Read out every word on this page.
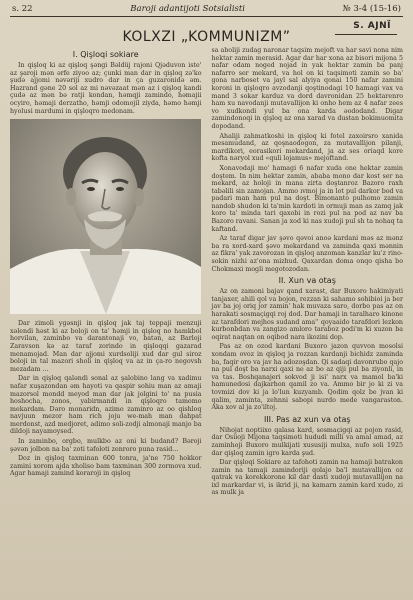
s. 22	Barоji adantijoti Sotsialisti	№ 3-4 (15-16)
S. AJNÏ
KOLXZI „KOMMUNIZM”
I. Qişloqi sokiare

In qişloq ki az qişloq şəngi Bəldüj rajoni Qjəduvon iste' az şaroji mən ərfe ziyoo az; çunki man dar in qişloq zə'ko şudə ajjomi nəvəriji xudro dar in ça guzaronidə əm. Hazrand gəne 20 sol az mi nəvəzaat mən az i qişloq kandi çudə az mən bə ratji kondan, həmqji zamindo, həmajii ocyiro, həmaji derzatho, həmji odomojil ziyda, həmo həmji hyolusi mardumi in qişloqro medonam.

Dar zimoli ygəsnji in qişloq jak taj teppaji menzuji xəlendi həst ki az boloji on ta' həmji in qişloq no hamkbol horvilan, zaminbo va darantonaji vo, batən, az Barloji Zaravson kə az taraf zorindo in qişloqqi gazarad menamojad. Man dar ajjomi xurdsoliji xud dar gul siroz boloji in tal mazori sholi in qişloq va az in ça-ro negovsh mezadam ...

Dar in qişloq qaləndi sonal az şalobino lang va xadimu nafar xuşazondan əm hayoti va qaspir sohiu man az amaji mazorsol mondd meyod man dar jak jolgini to' na pusia hoshocha, zonos, yabirmandi in qişloqro tamomo mekardam. Dəro monaridn, azimo zaminro az oo qishloq navjuun mezor ham rich joju we-mah man dahpat merdonst, azd medjoret, adimo soli-zodji almonaji manjo ba dildoji nayamoysed.

In zaminbo, orgbo, mulkbo az oni ki budand? Bəroji şəvən jolbon na ba' zoti təfoloti zenroro puna rasid...

Doz in qişloq taxminan 600 tonra, ja'ne 750 hokkor zamini xorom ajda xholiso bam taxminan 300 zormova xud. Agar hamaji zamind koraroji in qişloq

sa aboliji zudag naronar taqsim mejoft va har savi nona nim hektar zamin merasid. Agar dar har xona az bisori mijona 5 nafar odam noged nojad in yak hektar zamin ba panj nafarro ser mekard, va hol on ki taqsimoti zamin so ba' gona narboset va jayl sal alyiya qonai 150 nafar zamini koroni in qişloqro avzodanji qoştinodagi 10 hamagi vax va mand 3 sokar karduz va dord davronidan 25 hektarenro ham xu navodanji mutavallijon ki onho hem az 4 nafar zees vo xudkondi yul ba ona karda əododand. Digar zamindonoqi in qişloq az ona xarad va dustan bokimuomita dopodand.

Ahaliji zahmatkoshi in qişloq ki fotel zaxoirsro xanida mesamudand, az qoşnaodogon, za mutavallijon pilanji, mardikori, eorasikori mekardand, ja az ses oriaqd kore kofta nəryol xud «quli lojamus» mejoftand.

Xonavodaji mo' hamagi 6 nafar xuda one hektar zamin doştem. In nim hektar zamin, ababa mono dar kost ser na mekard, az holoji in mana zirta doştanroz Bazoro raxh tabəlili sin zamojan. Ammo ıvmoj ja in lot pul darkor bod va padari man ham pul na doşt. Bimonanto pulhomo zamin nandob shudon ki ta'min kardoti in ormuji man as zamq jak koro ta' minda tari qaxobi in rozi pul na pod az nav ba Bazoro ravani. Sanan ja xod ki nas xudoji pul sh ta nohaq ta kaftand.

Az taraf digar jav şəvo qəvoi anoə kardani məs az mənz ba ra xord-xard şəvo mekardand va zaminda qaxi mənnin az fikra' yak zavorozan in qişloq anzoman kanzlar ku'z rino-sokin nizhi az'ona mizhud. Qaxardan doma onqo qisha bo Chokmaxi mogli megotozodan.

II. Xun va otaş

Az on zamoni bajav qand xarast, dar Buxoro hakimiyati tanjaxer, ahili qol va bojon, rezzan ki sahamo sohibioi ja ber jav ba joj oriq jor zamin' hak muvaza saro, dorbo pas az on harakati sosmaçigqi roj dod. Dar hamaji in taralharo kinone az tarafdori mejhos sudand ama'' qoyaaido tarafdori lezkon kurbonbdan va zangizo amloro taraboz podi'm ki xuzon ba oqirat naqtan on oqibod nara ikozini dop.

Pas az on ozod kardani Buxoro jazon quvvon mosolsi xondam ovoz in qişloq ja rozzan kardanji bichidz zaminda ba, faqir oro va jav ha adozoşdan. Qi sadaqi davonrubo qajo na pul doşt ba narxi qaxi ne az bo az qiji pul ba ziyonli, in va tas. Boshqanajeri sokvod ji isi' narx va mamol ba'ki hamunedosi dajkarhon qamil zo va. Ammo bir jo ki zi va tovmizi dov ki ja lo'lun kuzyamb. Qodim qolz be jvan ki qalim, zaminta, zehnni sabopi nurdo mede vangaraston. Aka xov al ja zo'iltoj.

III. Pas az xun va otaş

Nihojat noptiixo qalasa kard, sosmaçigqi az pojon rasid, dar Osiioji Mijona taqsimoti hududi milli va amal amad, az zaminhoji Buxoro mulkijati xususiji mulxa, nufo soli 1925 dar qişloq zamin igro karda şud.

Dar qişloqi Sokiare az tafohoti zamin na hamaji batrakon zamin na tamaji zamindoriji qolajo ba'l mutavallijon oz qatrak va korekkorone kil dar dasti xudoji mutavallijon na ixl markardar vi, is ikrid ji, na kamarn zamin kard xudo, zi as mulk ja
